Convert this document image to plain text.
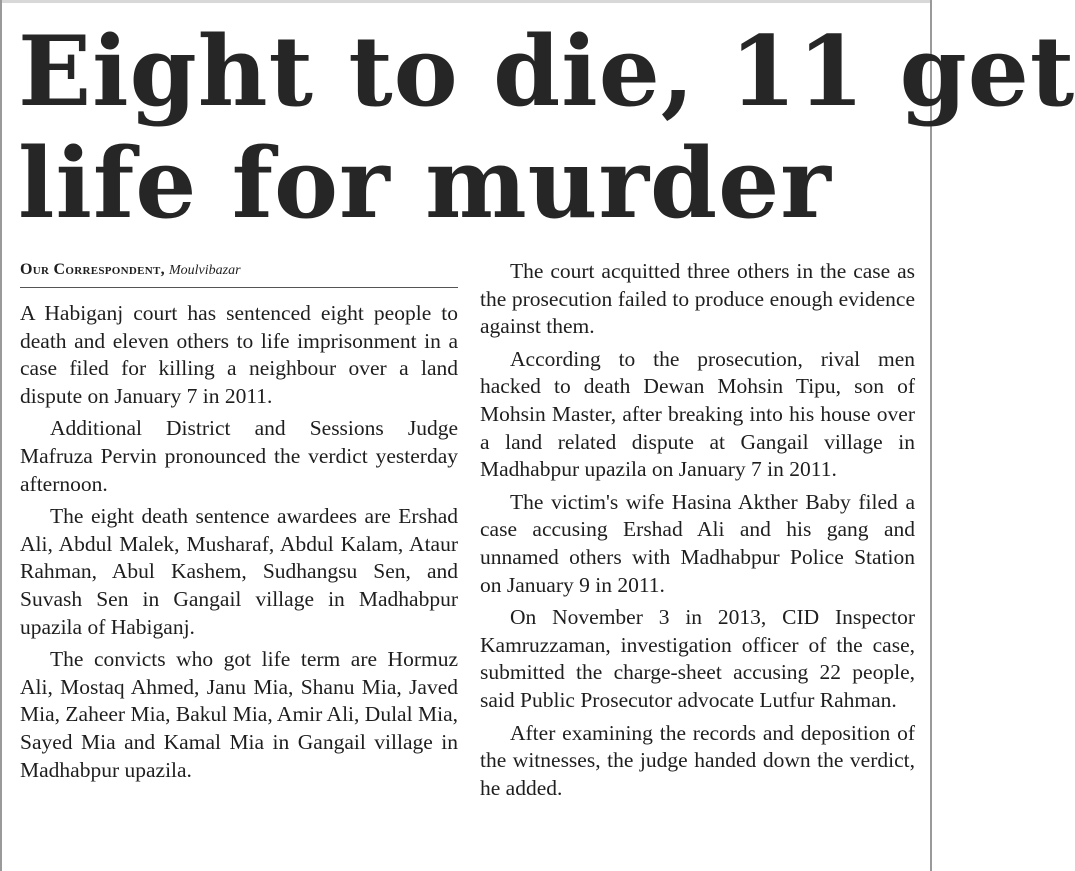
Eight to die, 11 get
life for murder
Our Correspondent, Moulvibazar

A Habiganj court has sentenced eight people to death and eleven others to life imprisonment in a case filed for killing a neighbour over a land dispute on January 7 in 2011.

Additional District and Sessions Judge Mafruza Pervin pronounced the verdict yesterday afternoon.

The eight death sentence awardees are Ershad Ali, Abdul Malek, Musharaf, Abdul Kalam, Ataur Rahman, Abul Kashem, Sudhangsu Sen, and Suvash Sen in Gangail village in Madhabpur upazila of Habiganj.

The convicts who got life term are Hormuz Ali, Mostaq Ahmed, Janu Mia, Shanu Mia, Javed Mia, Zaheer Mia, Bakul Mia, Amir Ali, Dulal Mia, Sayed Mia and Kamal Mia in Gangail village in Madhabpur upazila.

The court acquitted three others in the case as the prosecution failed to produce enough evidence against them.

According to the prosecution, rival men hacked to death Dewan Mohsin Tipu, son of Mohsin Master, after breaking into his house over a land related dispute at Gangail village in Madhabpur upazila on January 7 in 2011.

The victim's wife Hasina Akther Baby filed a case accusing Ershad Ali and his gang and unnamed others with Madhabpur Police Station on January 9 in 2011.

On November 3 in 2013, CID Inspector Kamruzzaman, investigation officer of the case, submitted the charge-sheet accusing 22 people, said Public Prosecutor advocate Lutfur Rahman.

After examining the records and deposition of the witnesses, the judge handed down the verdict, he added.
